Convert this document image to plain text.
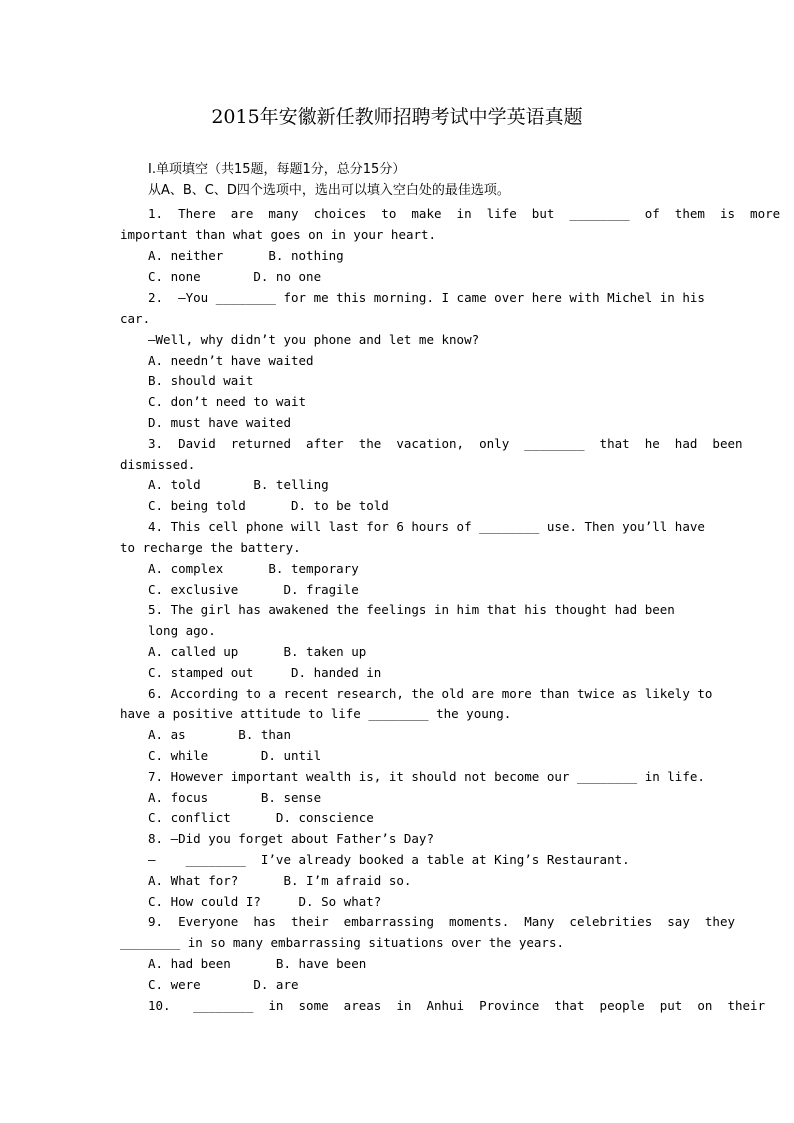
2015年安徽新任教师招聘考试中学英语真题
I.单项填空（共15题，每题1分，总分15分）
从A、B、C、D四个选项中，选出可以填入空白处的最佳选项。
1.  There  are  many  choices  to  make  in  life  but  ________  of  them  is  more
important than what goes on in your heart.
A. neither      B. nothing
C. none       D. no one
2.  —You ________ for me this morning. I came over here with Michel in his
car.
—Well, why didn’t you phone and let me know?
A. needn’t have waited
B. should wait
C. don’t need to wait
D. must have waited
3.  David  returned  after  the  vacation,  only  ________  that  he  had  been
dismissed.
A. told       B. telling
C. being told      D. to be told
4. This cell phone will last for 6 hours of ________ use. Then you’ll have
to recharge the battery.
A. complex      B. temporary
C. exclusive      D. fragile
5. The girl has awakened the feelings in him that his thought had been
long ago.
A. called up      B. taken up
C. stamped out     D. handed in
6. According to a recent research, the old are more than twice as likely to
have a positive attitude to life ________ the young.
A. as       B. than
C. while       D. until
7. However important wealth is, it should not become our ________ in life.
A. focus       B. sense
C. conflict      D. conscience
8. —Did you forget about Father’s Day?
—    ________  I’ve already booked a table at King’s Restaurant.
A. What for?      B. I’m afraid so.
C. How could I?     D. So what?
9.  Everyone  has  their  embarrassing  moments.  Many  celebrities  say  they
________ in so many embarrassing situations over the years.
A. had been      B. have been
C. were       D. are
10.   ________  in  some  areas  in  Anhui  Province  that  people  put  on  their
